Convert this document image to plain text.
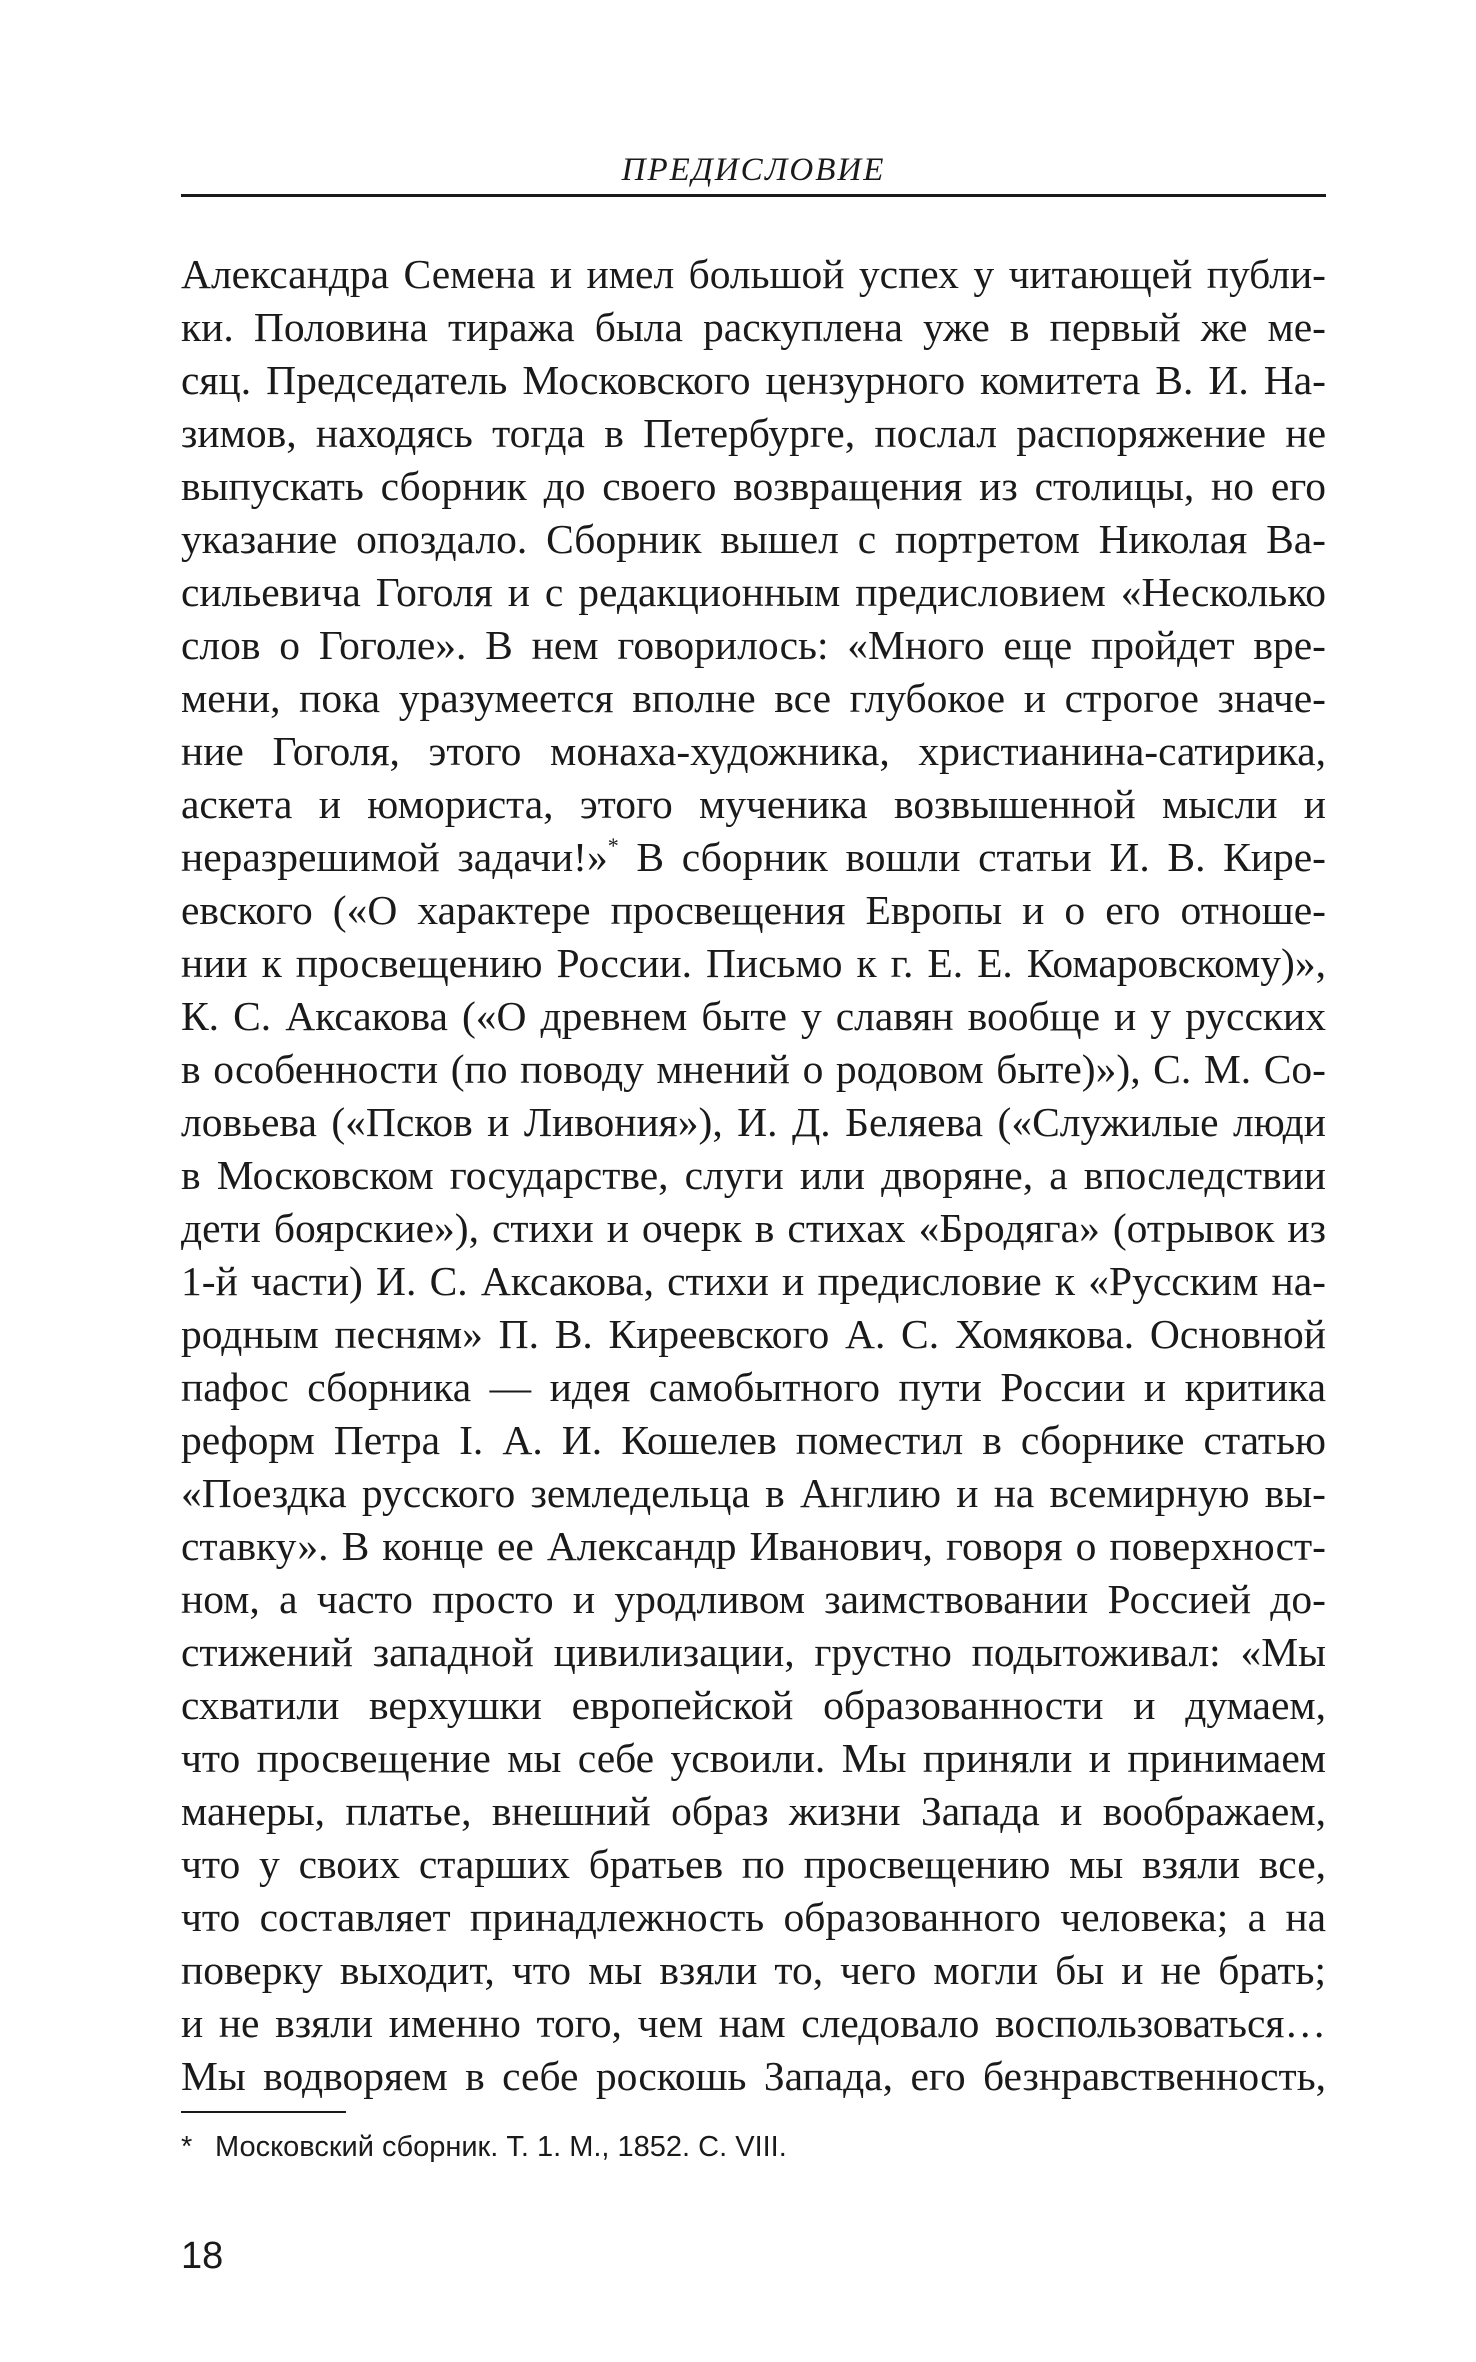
ПРЕДИСЛОВИЕ
Александра Семена и имел большой успех у читающей публи-
ки. Половина тиража была раскуплена уже в первый же ме-
сяц. Председатель Московского цензурного комитета В. И. На-
зимов, находясь тогда в Петербурге, послал распоряжение не
выпускать сборник до своего возвращения из столицы, но его
указание опоздало. Сборник вышел с портретом Николая Ва-
сильевича Гоголя и с редакционным предисловием «Несколько
слов о Гоголе». В нем говорилось: «Много еще пройдет вре-
мени, пока уразумеется вполне все глубокое и строгое значе-
ние Гоголя, этого монаха-художника, христианина-сатирика,
аскета и юмориста, этого мученика возвышенной мысли и
неразрешимой задачи!»* В сборник вошли статьи И. В. Кире-
евского («О характере просвещения Европы и о его отноше-
нии к просвещению России. Письмо к г. Е. Е. Комаровскому)»,
К. С. Аксакова («О древнем быте у славян вообще и у русских
в особенности (по поводу мнений о родовом быте)»), С. М. Со-
ловьева («Псков и Ливония»), И. Д. Беляева («Служилые люди
в Московском государстве, слуги или дворяне, а впоследствии
дети боярские»), стихи и очерк в стихах «Бродяга» (отрывок из
1-й части) И. С. Аксакова, стихи и предисловие к «Русским на-
родным песням» П. В. Киреевского А. С. Хомякова. Основной
пафос сборника — идея самобытного пути России и критика
реформ Петра I. А. И. Кошелев поместил в сборнике статью
«Поездка русского земледельца в Англию и на всемирную вы-
ставку». В конце ее Александр Иванович, говоря о поверхност-
ном, а часто просто и уродливом заимствовании Россией до-
стижений западной цивилизации, грустно подытоживал: «Мы
схватили верхушки европейской образованности и думаем,
что просвещение мы себе усвоили. Мы приняли и принимаем
манеры, платье, внешний образ жизни Запада и воображаем,
что у своих старших братьев по просвещению мы взяли все,
что составляет принадлежность образованного человека; а на
поверку выходит, что мы взяли то, чего могли бы и не брать;
и не взяли именно того, чем нам следовало воспользоваться…
Мы водворяем в себе роскошь Запада, его безнравственность,
* Московский сборник. Т. 1. М., 1852. С. VIII.
18
